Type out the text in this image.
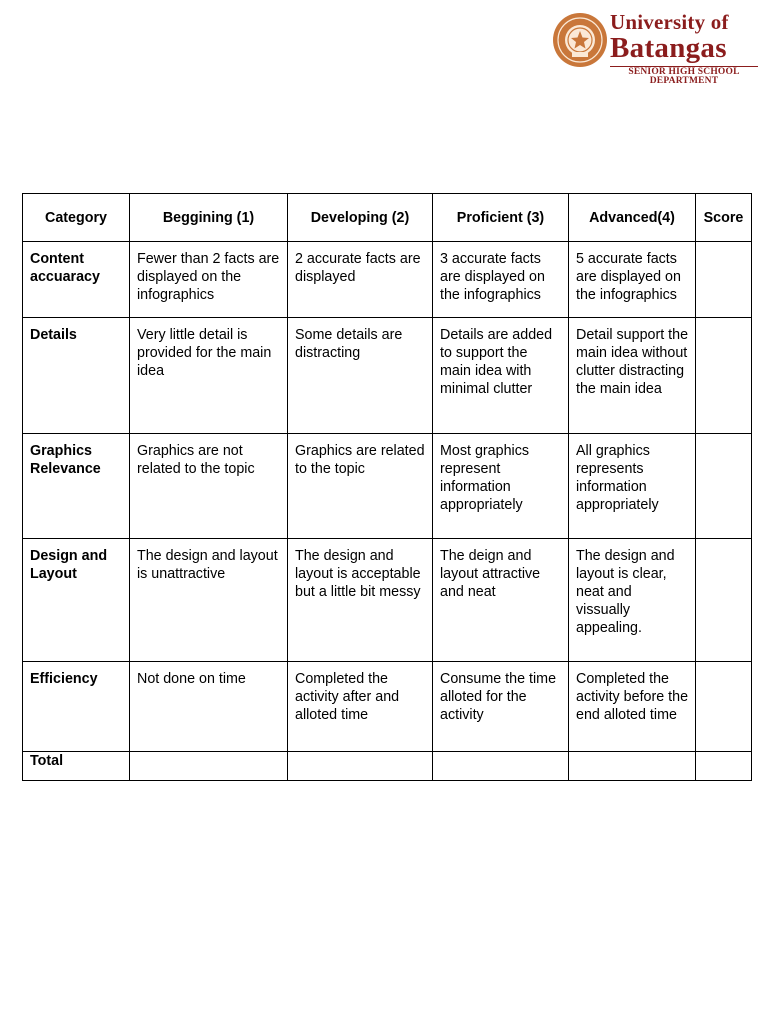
University of
Batangas
SENIOR HIGH SCHOOL
DEPARTMENT
Category	Beggining (1)	Developing (2)	Proficient (3)	Advanced(4)	Score

Content
accuaracy	Fewer than 2 facts are displayed on the infographics	2 accurate facts are displayed	3 accurate facts are displayed on the infographics	5 accurate facts are displayed on the infographics	

Details	Very little detail is provided for the main idea	Some details are distracting	Details are added to support the main idea with minimal clutter	Detail support the main idea without clutter distracting the main idea	

Graphics
Relevance	Graphics are not related to the topic	Graphics are related to the topic	Most graphics represent information appropriately	All graphics represents information appropriately	

Design and
Layout	The design and layout is unattractive	The design and layout is acceptable but a little bit messy	The deign and layout attractive and neat	The design and layout is clear, neat and vissually appealing.	

Efficiency	Not done on time	Completed the activity after and alloted time	Consume the time alloted for the activity	Completed the activity before the end alloted time	
Total					
